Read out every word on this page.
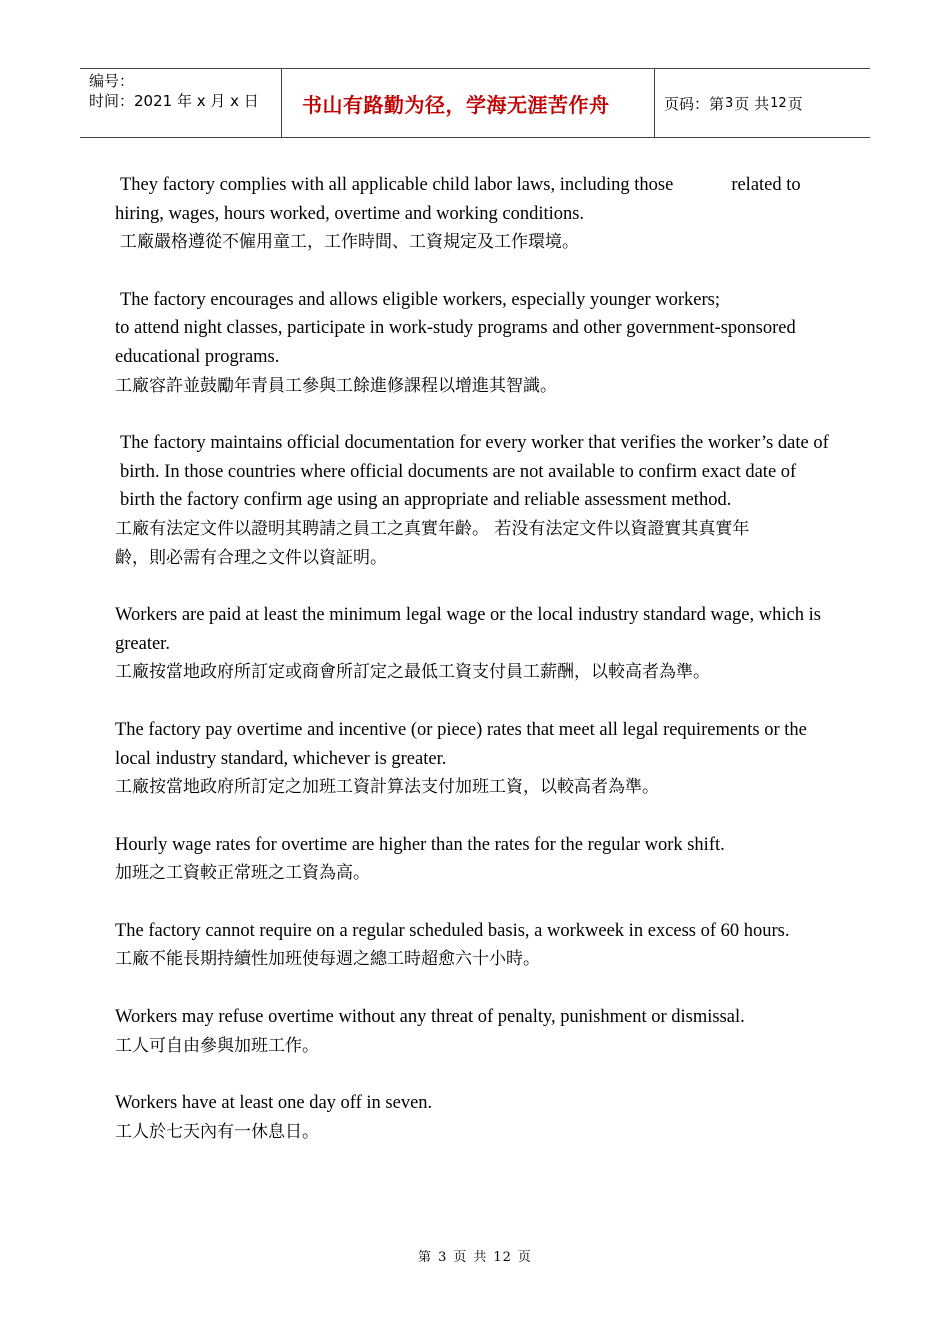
编号：
时间：2021 年 x 月 x 日	书山有路勤为径，学海无涯苦作舟	页码：第 3 页 共 12 页
They factory complies with all applicable child labor laws, including those	related to
hiring, wages, hours worked, overtime and working conditions.
工廠嚴格遵從不僱用童工，工作時間、工資規定及工作環境。
The factory encourages and allows eligible workers, especially younger workers;
to attend night classes, participate in work-study programs and other government-sponsored educational programs.
工廠容許並鼓勵年青員工參與工餘進修課程以增進其智識。
The factory maintains official documentation for every worker that verifies the worker’s date of birth. In those countries where official documents are not available to confirm exact date of birth the factory confirm age using an appropriate and reliable assessment method.
工廠有法定文件以證明其聘請之員工之真實年齡。 若没有法定文件以資證實其真實年
齡，則必需有合理之文件以資証明。
Workers are paid at least the minimum legal wage or the local industry standard wage, which is greater.
工廠按當地政府所訂定或商會所訂定之最低工資支付員工薪酬，以較高者為準。
The factory pay overtime and incentive (or piece) rates that meet all legal requirements or the local industry standard, whichever is greater.
工廠按當地政府所訂定之加班工資計算法支付加班工資，以較高者為準。
Hourly wage rates for overtime are higher than the rates for the regular work shift.
加班之工資較正常班之工資為高。
The factory cannot require on a regular scheduled basis, a workweek in excess of 60 hours.
工廠不能長期持續性加班使每週之總工時超愈六十小時。
Workers may refuse overtime without any threat of penalty, punishment or dismissal.
工人可自由參與加班工作。
Workers have at least one day off in seven.
工人於七天內有一休息日。
第 3 页 共 12 页
